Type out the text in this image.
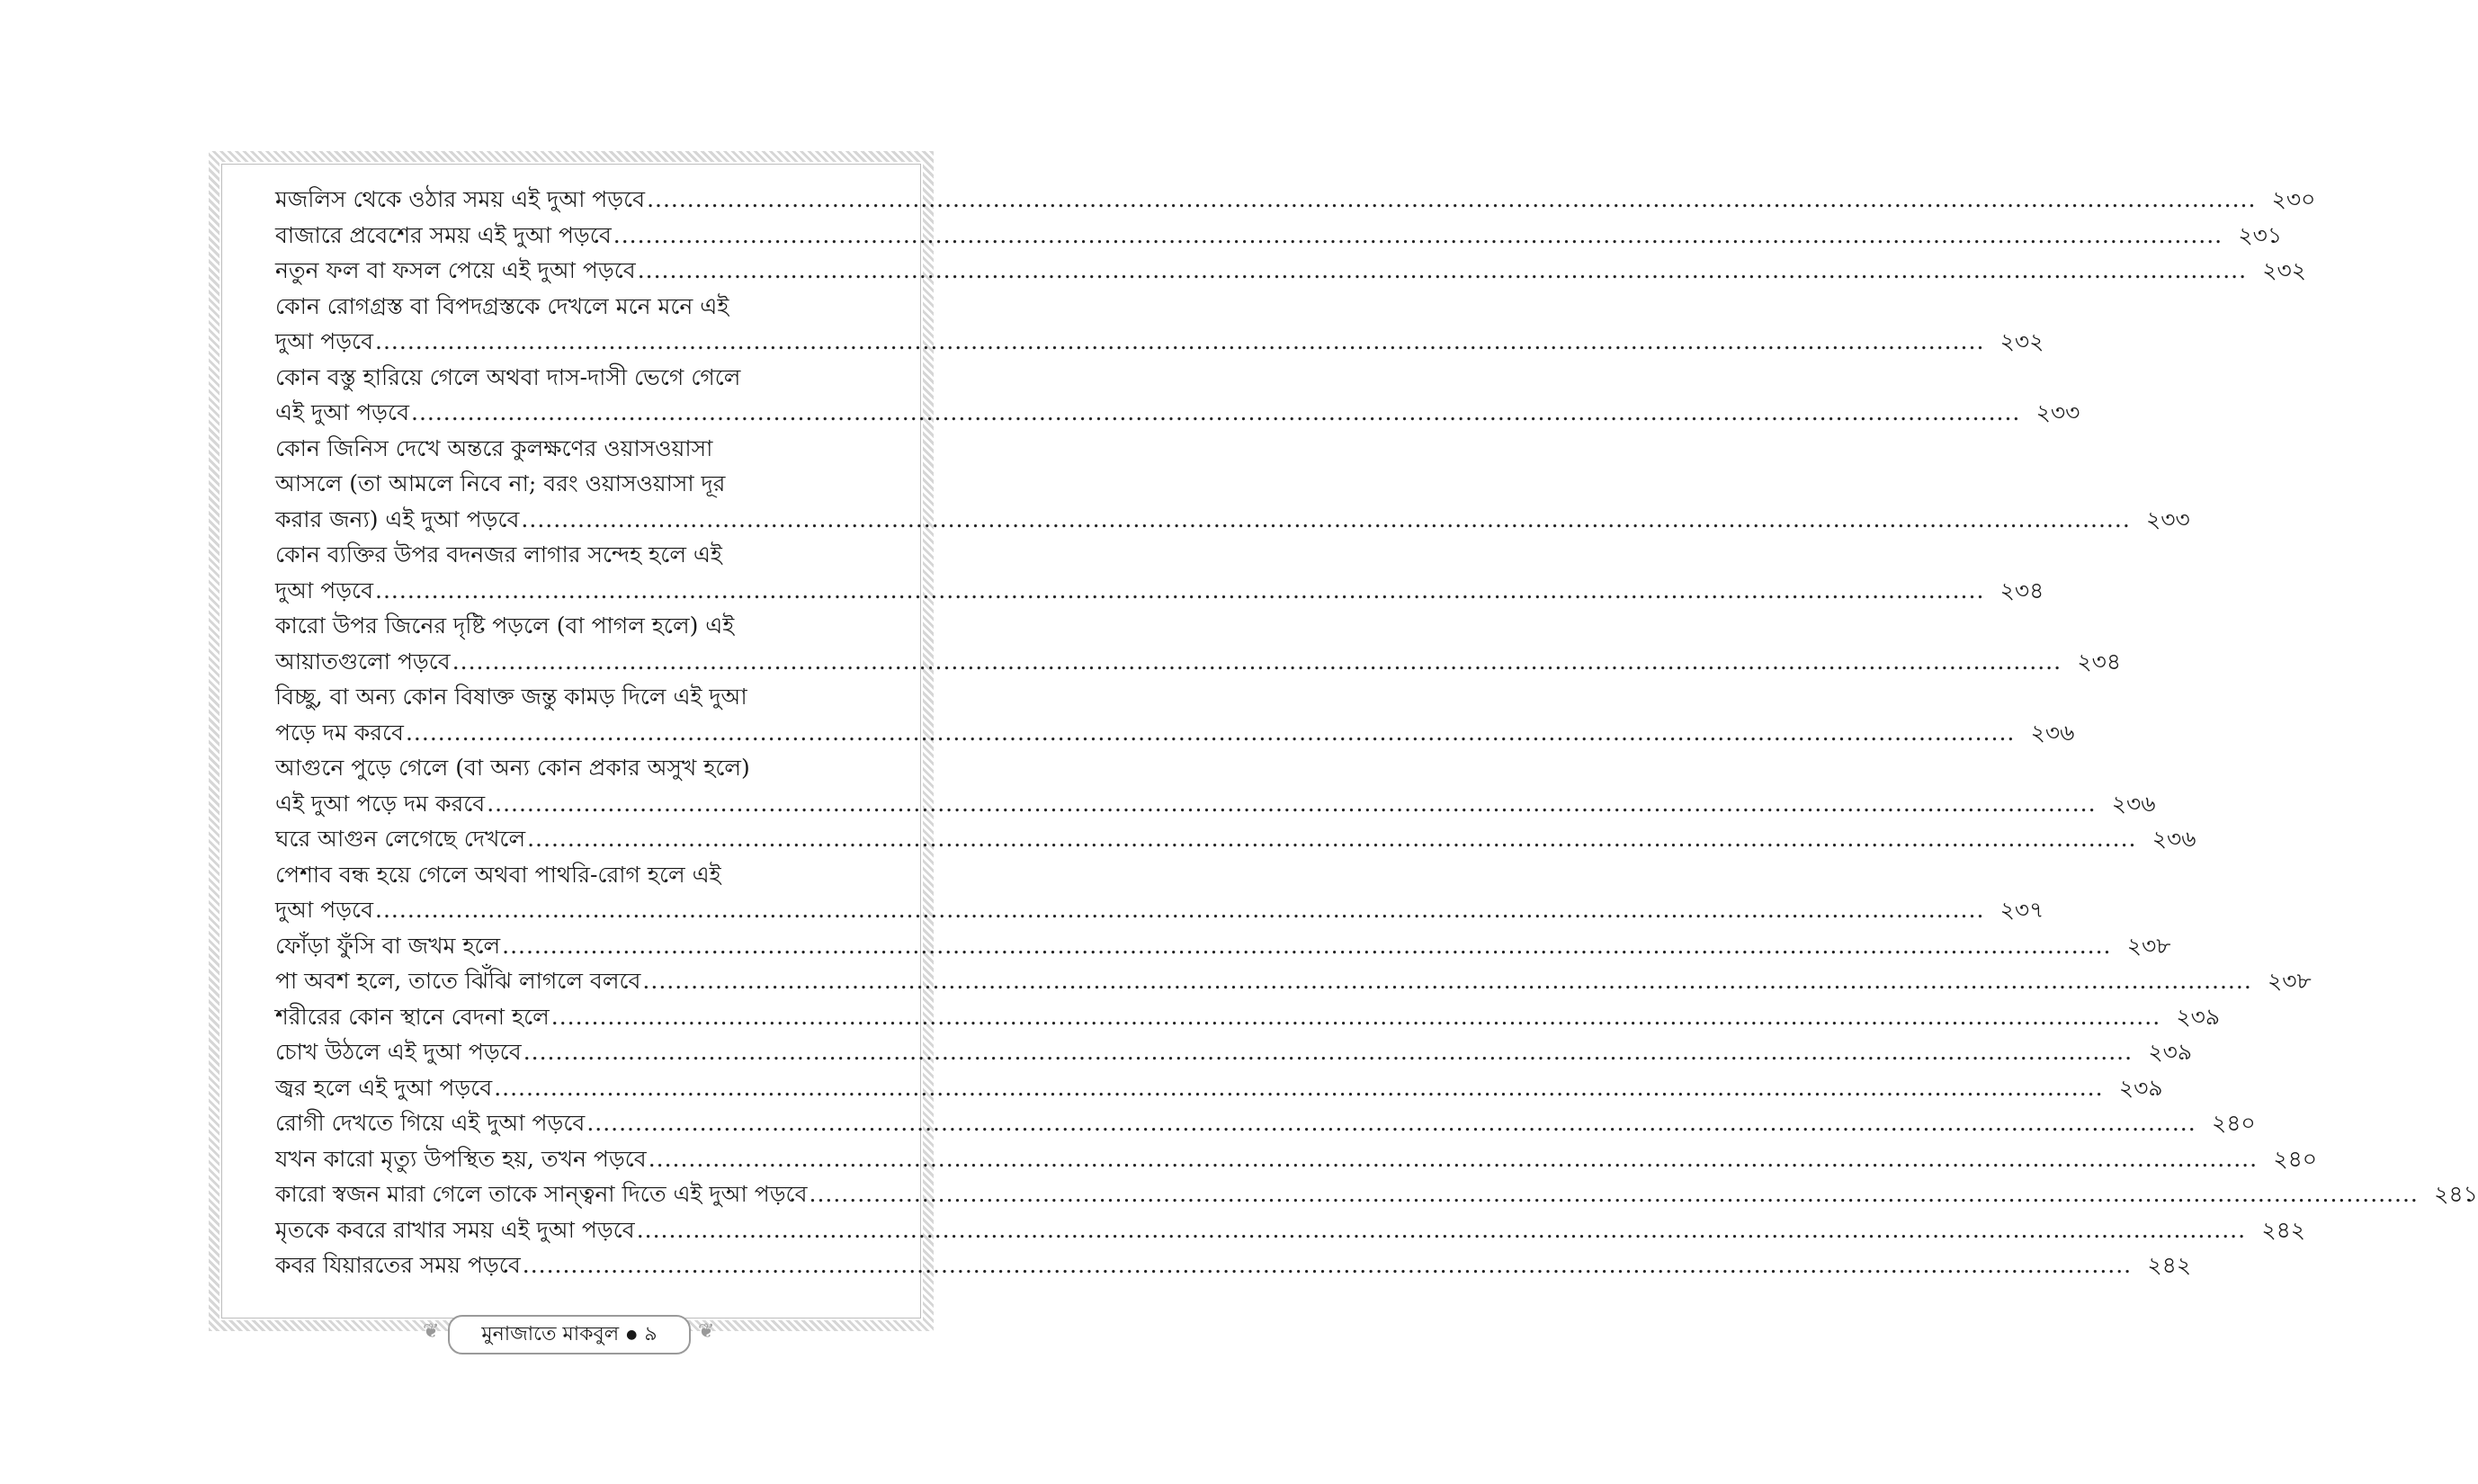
মজলিস থেকে ওঠার সময় এই দুআ পড়বে ........................................................................................................................................................................................................ ২৩০
বাজারে প্রবেশের সময় এই দুআ পড়বে ........................................................................................................................................................................................................ ২৩১
নতুন ফল বা ফসল পেয়ে এই দুআ পড়বে ........................................................................................................................................................................................................ ২৩২
কোন রোগগ্রস্ত বা বিপদগ্রস্তকে দেখলে মনে মনে এই
দুআ পড়বে ........................................................................................................................................................................................................ ২৩২
কোন বস্তু হারিয়ে গেলে অথবা দাস-দাসী ভেগে গেলে
এই দুআ পড়বে ........................................................................................................................................................................................................ ২৩৩
কোন জিনিস দেখে অন্তরে কুলক্ষণের ওয়াসওয়াসা
আসলে (তা আমলে নিবে না; বরং ওয়াসওয়াসা দূর
করার জন্য) এই দুআ পড়বে ........................................................................................................................................................................................................ ২৩৩
কোন ব্যক্তির উপর বদনজর লাগার সন্দেহ হলে এই
দুআ পড়বে ........................................................................................................................................................................................................ ২৩৪
কারো উপর জিনের দৃষ্টি পড়লে (বা পাগল হলে) এই
আয়াতগুলো পড়বে ........................................................................................................................................................................................................ ২৩৪
বিচ্ছু, বা অন্য কোন বিষাক্ত জন্তু কামড় দিলে এই দুআ
পড়ে দম করবে ........................................................................................................................................................................................................ ২৩৬
আগুনে পুড়ে গেলে (বা অন্য কোন প্রকার অসুখ হলে)
এই দুআ পড়ে দম করবে ........................................................................................................................................................................................................ ২৩৬
ঘরে আগুন লেগেছে দেখলে ........................................................................................................................................................................................................ ২৩৬
পেশাব বন্ধ হয়ে গেলে অথবা পাথরি-রোগ হলে এই
দুআ পড়বে ........................................................................................................................................................................................................ ২৩৭
ফোঁড়া ফুঁসি বা জখম হলে ........................................................................................................................................................................................................ ২৩৮
পা অবশ হলে, তাতে ঝিঁঝি লাগলে বলবে ........................................................................................................................................................................................................ ২৩৮
শরীরের কোন স্থানে বেদনা হলে ........................................................................................................................................................................................................ ২৩৯
চোখ উঠলে এই দুআ পড়বে ........................................................................................................................................................................................................ ২৩৯
জ্বর হলে এই দুআ পড়বে ........................................................................................................................................................................................................ ২৩৯
রোগী দেখতে গিয়ে এই দুআ পড়বে ........................................................................................................................................................................................................ ২৪০
যখন কারো মৃত্যু উপস্থিত হয়, তখন পড়বে ........................................................................................................................................................................................................ ২৪০
কারো স্বজন মারা গেলে তাকে সান্ত্বনা দিতে এই দুআ পড়বে ........................................................................................................................................................................................................ ২৪১
মৃতকে কবরে রাখার সময় এই দুআ পড়বে ........................................................................................................................................................................................................ ২৪২
কবর যিয়ারতের সময় পড়বে ........................................................................................................................................................................................................ ২৪২
❦ মুনাজাতে মাকবুল ● ৯ ❦
